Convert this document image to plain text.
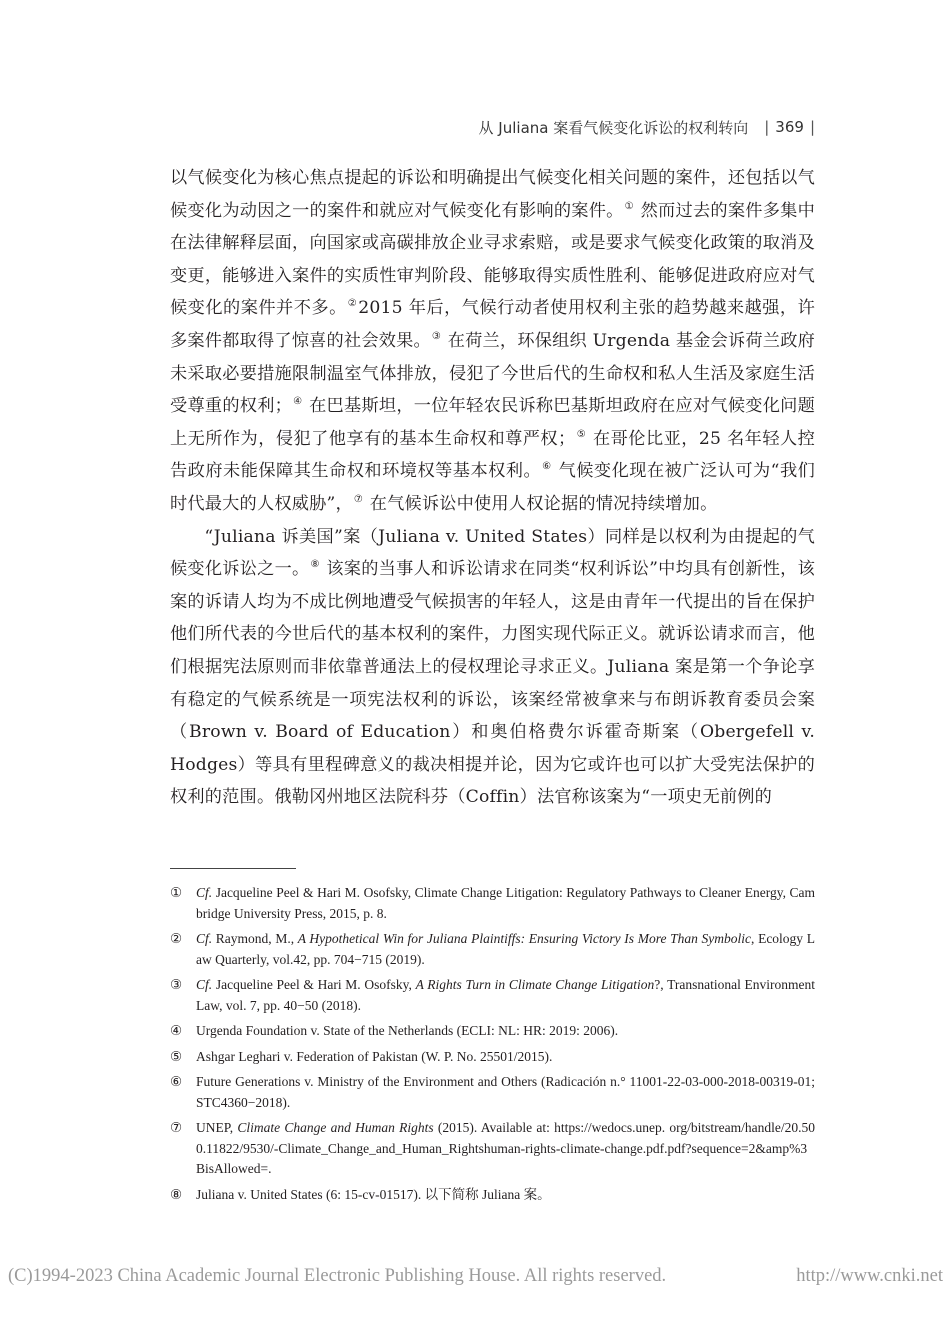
从 Juliana 案看气候变化诉讼的权利转向 | 369 |

以气候变化为核心焦点提起的诉讼和明确提出气候变化相关问题的案件，还包括以气候变化为动因之一的案件和就应对气候变化有影响的案件。① 然而过去的案件多集中在法律解释层面，向国家或高碳排放企业寻求索赔，或是要求气候变化政策的取消及变更，能够进入案件的实质性审判阶段、能够取得实质性胜利、能够促进政府应对气候变化的案件并不多。②2015 年后，气候行动者使用权利主张的趋势越来越强，许多案件都取得了惊喜的社会效果。③ 在荷兰，环保组织 Urgenda 基金会诉荷兰政府未采取必要措施限制温室气体排放，侵犯了今世后代的生命权和私人生活及家庭生活受尊重的权利；④ 在巴基斯坦，一位年轻农民诉称巴基斯坦政府在应对气候变化问题上无所作为，侵犯了他享有的基本生命权和尊严权；⑤ 在哥伦比亚，25 名年轻人控告政府未能保障其生命权和环境权等基本权利。⑥ 气候变化现在被广泛认可为“我们时代最大的人权威胁”，⑦ 在气候诉讼中使用人权论据的情况持续增加。

“Juliana 诉美国”案（Juliana v. United States）同样是以权利为由提起的气候变化诉讼之一。⑧ 该案的当事人和诉讼请求在同类“权利诉讼”中均具有创新性，该案的诉请人均为不成比例地遭受气候损害的年轻人，这是由青年一代提出的旨在保护他们所代表的今世后代的基本权利的案件，力图实现代际正义。就诉讼请求而言，他们根据宪法原则而非依靠普通法上的侵权理论寻求正义。Juliana 案是第一个争论享有稳定的气候系统是一项宪法权利的诉讼，该案经常被拿来与布朗诉教育委员会案（Brown v. Board of Education）和奥伯格费尔诉霍奇斯案（Obergefell v. Hodges）等具有里程碑意义的裁决相提并论，因为它或许也可以扩大受宪法保护的权利的范围。俄勒冈州地区法院科芬（Coffin）法官称该案为“一项史无前例的

①	Cf. Jacqueline Peel & Hari M. Osofsky, Climate Change Litigation: Regulatory Pathways to Cleaner Energy, Cambridge University Press, 2015, p. 8.
②	Cf. Raymond, M., A Hypothetical Win for Juliana Plaintiffs: Ensuring Victory Is More Than Symbolic, Ecology Law Quarterly, vol.42, pp. 704−715 (2019).
③	Cf. Jacqueline Peel & Hari M. Osofsky, A Rights Turn in Climate Change Litigation?, Transnational Environment Law, vol. 7, pp. 40−50 (2018).
④	Urgenda Foundation v. State of the Netherlands (ECLI: NL: HR: 2019: 2006).
⑤	Ashgar Leghari v. Federation of Pakistan (W. P. No. 25501/2015).
⑥	Future Generations v. Ministry of the Environment and Others (Radicación n.° 11001-22-03-000-2018-00319-01; STC4360−2018).
⑦	UNEP, Climate Change and Human Rights (2015). Available at: https://wedocs.unep. org/bitstream/handle/20.500.11822/9530/-Climate_Change_and_Human_Rightshuman-rights-climate-change.pdf.pdf?sequence=2&amp%3BisAllowed=.
⑧	Juliana v. United States (6: 15-cv-01517). 以下简称 Juliana 案。
(C)1994-2023 China Academic Journal Electronic Publishing House. All rights reserved.	http://www.cnki.net
